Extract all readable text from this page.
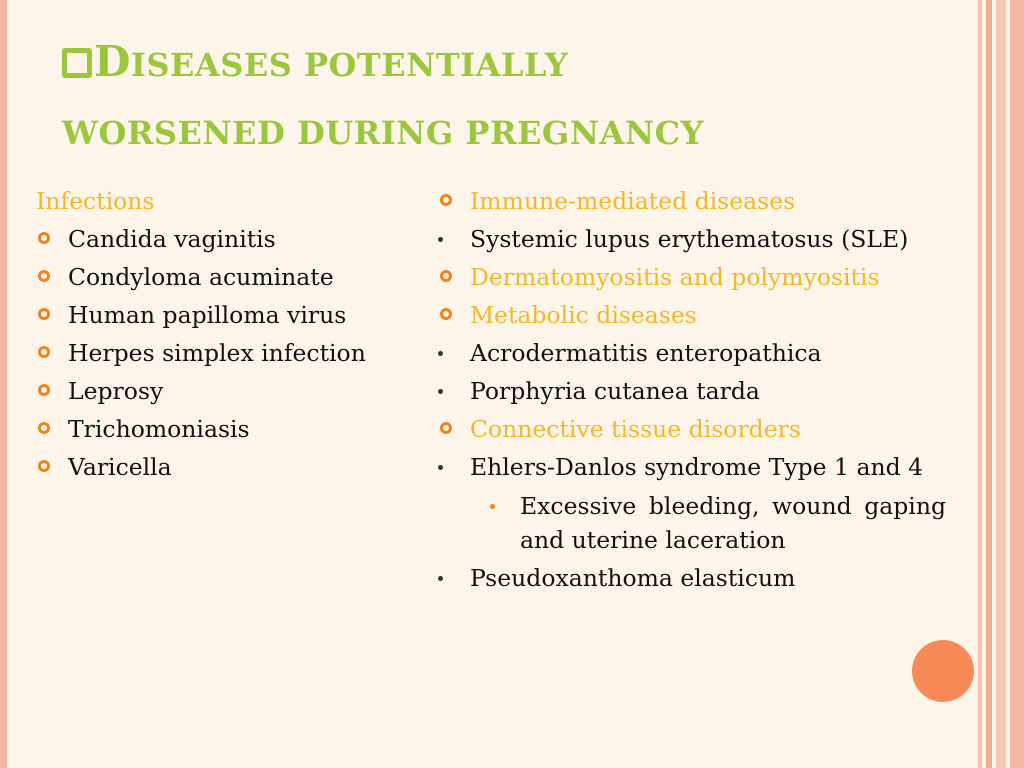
DISEASES POTENTIALLY
WORSENED DURING PREGNANCY
Infections
Candida vaginitis
Condyloma acuminate
Human papilloma virus
Herpes simplex infection
Leprosy
Trichomoniasis
Varicella
Immune-mediated diseases
Systemic lupus erythematosus (SLE)
Dermatomyositis and polymyositis
Metabolic diseases
Acrodermatitis enteropathica
Porphyria cutanea tarda
Connective tissue disorders
Ehlers-Danlos syndrome Type 1 and 4
Excessive bleeding, wound gaping and uterine laceration
Pseudoxanthoma elasticum
